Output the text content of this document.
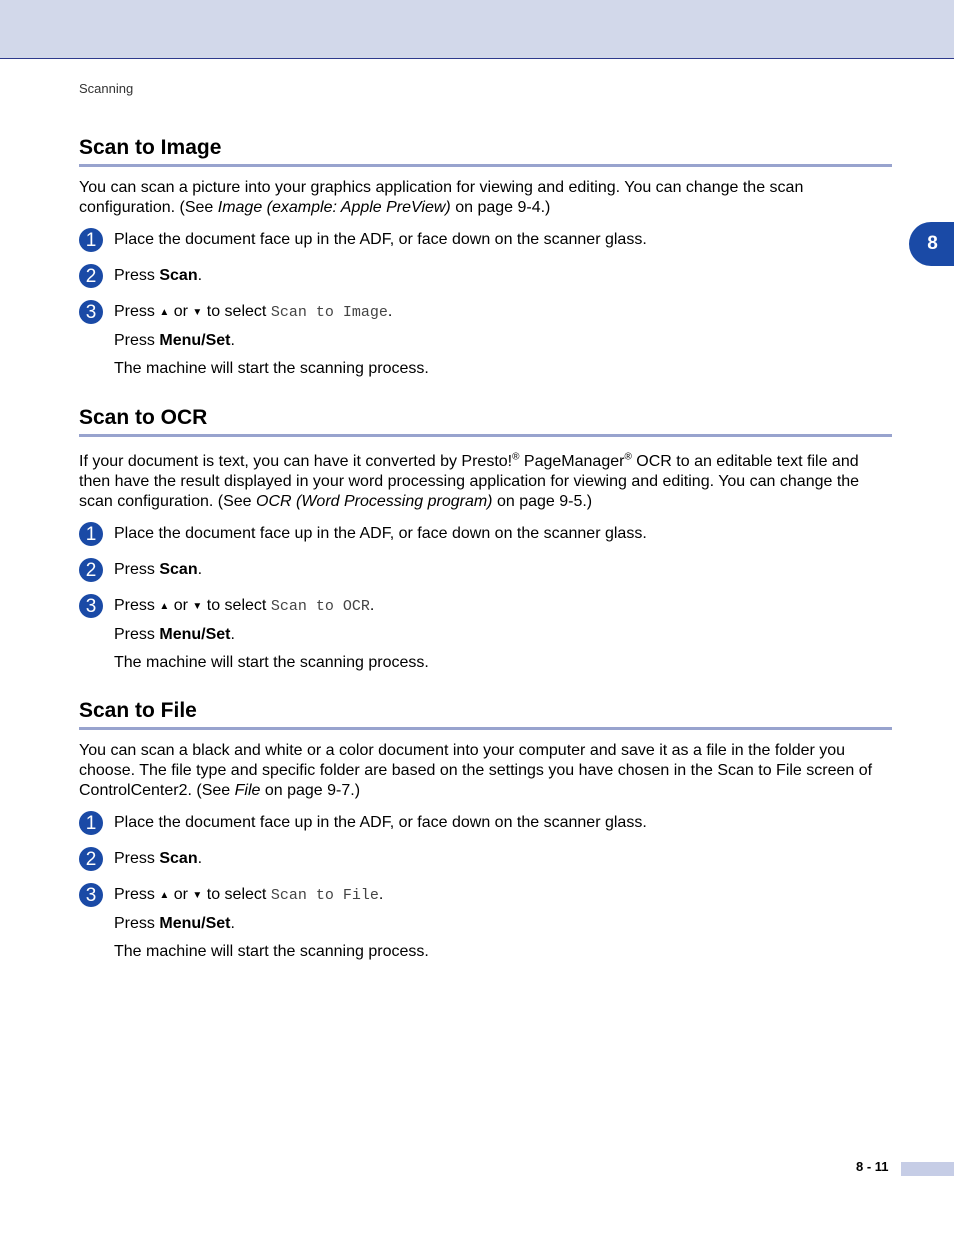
Scanning
8
Scan to Image
You can scan a picture into your graphics application for viewing and editing. You can change the scan configuration. (See Image (example: Apple PreView) on page 9-4.)
1	Place the document face up in the ADF, or face down on the scanner glass.
2	Press Scan.
3	Press ▲ or ▼ to select Scan to Image.
Press Menu/Set.
The machine will start the scanning process.
Scan to OCR
If your document is text, you can have it converted by Presto!® PageManager® OCR to an editable text file and then have the result displayed in your word processing application for viewing and editing. You can change the scan configuration. (See OCR (Word Processing program) on page 9-5.)
1	Place the document face up in the ADF, or face down on the scanner glass.
2	Press Scan.
3	Press ▲ or ▼ to select Scan to OCR.
Press Menu/Set.
The machine will start the scanning process.
Scan to File
You can scan a black and white or a color document into your computer and save it as a file in the folder you choose. The file type and specific folder are based on the settings you have chosen in the Scan to File screen of ControlCenter2. (See File on page 9-7.)
1	Place the document face up in the ADF, or face down on the scanner glass.
2	Press Scan.
3	Press ▲ or ▼ to select Scan to File.
Press Menu/Set.
The machine will start the scanning process.
8 - 11
